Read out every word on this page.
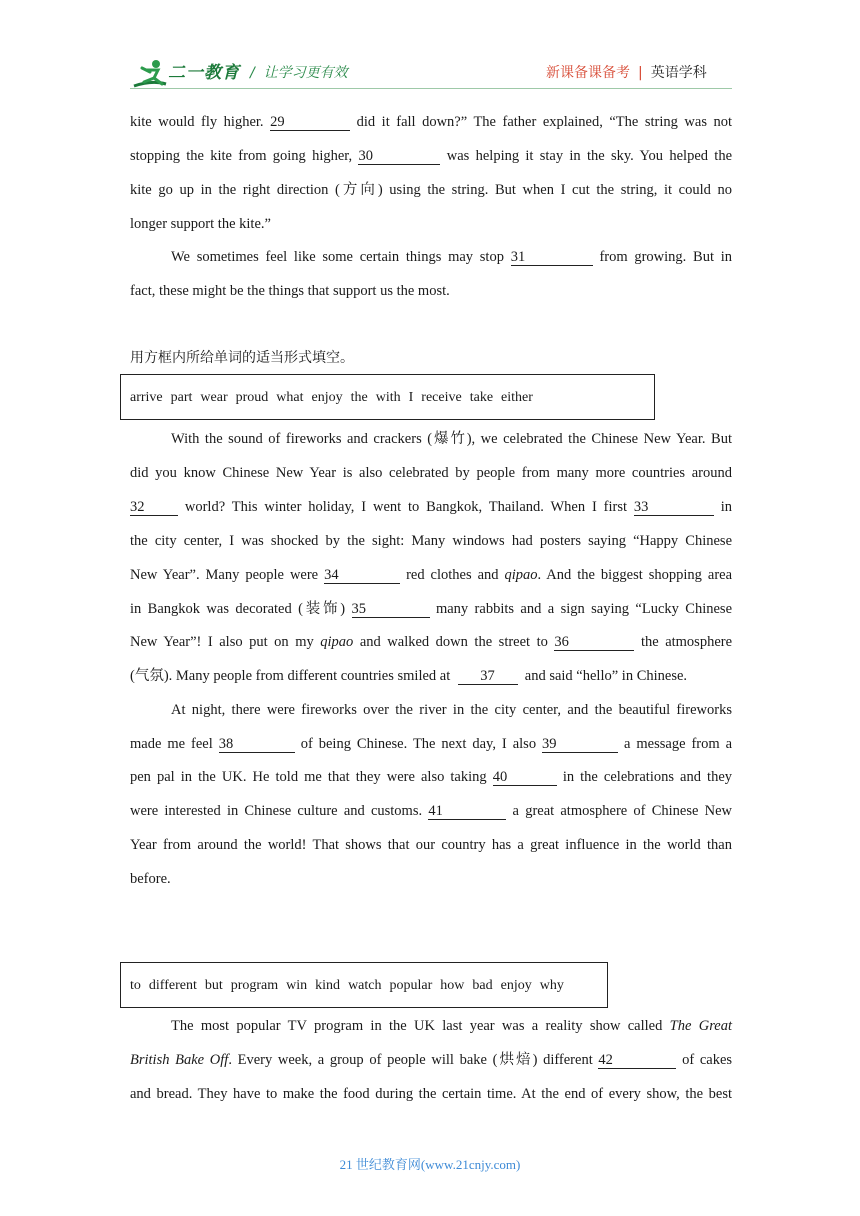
二一教育 /  让学习更有效	新课备课备考 | 英语学科
kite would fly higher. 29	did it fall down?” The father explained, “The string was not
stopping the kite from going higher, 30	was helping it stay in the sky. You helped the
kite go up in the right direction (方向) using the string. But when I cut the string, it could no
longer support the kite.”
We sometimes feel like some certain things may stop 31	from growing. But in
fact, these might be the things that support us the most.
用方框内所给单词的适当形式填空。
arrive part wear proud what enjoy the with I receive take either
With the sound of fireworks and crackers (爆竹), we celebrated the Chinese New Year. But
did you know Chinese New Year is also celebrated by people from many more countries around
32	world? This winter holiday, I went to Bangkok, Thailand. When I first 33	in
the city center, I was shocked by the sight: Many windows had posters saying “Happy Chinese
New Year”. Many people were 34	red clothes and qipao. And the biggest shopping area
in Bangkok was decorated (装饰) 35	many rabbits and a sign saying “Lucky Chinese
New Year”! I also put on my qipao and walked down the street to 36	the atmosphere
(气氛). Many people from different countries smiled at 37 and said “hello” in Chinese.
At night, there were fireworks over the river in the city center, and the beautiful fireworks
made me feel 38	of being Chinese. The next day, I also 39	a message from a
pen pal in the UK. He told me that they were also taking 40	in the celebrations and they
were interested in Chinese culture and customs. 41	a great atmosphere of Chinese New
Year from around the world! That shows that our country has a great influence in the world than
before.
to different but program win kind watch popular how bad enjoy why
The most popular TV program in the UK last year was a reality show called The Great
British Bake Off. Every week, a group of people will bake (烘焙) different 42	of cakes
and bread. They have to make the food during the certain time. At the end of every show, the best
21 世纪教育网(www.21cnjy.com)
